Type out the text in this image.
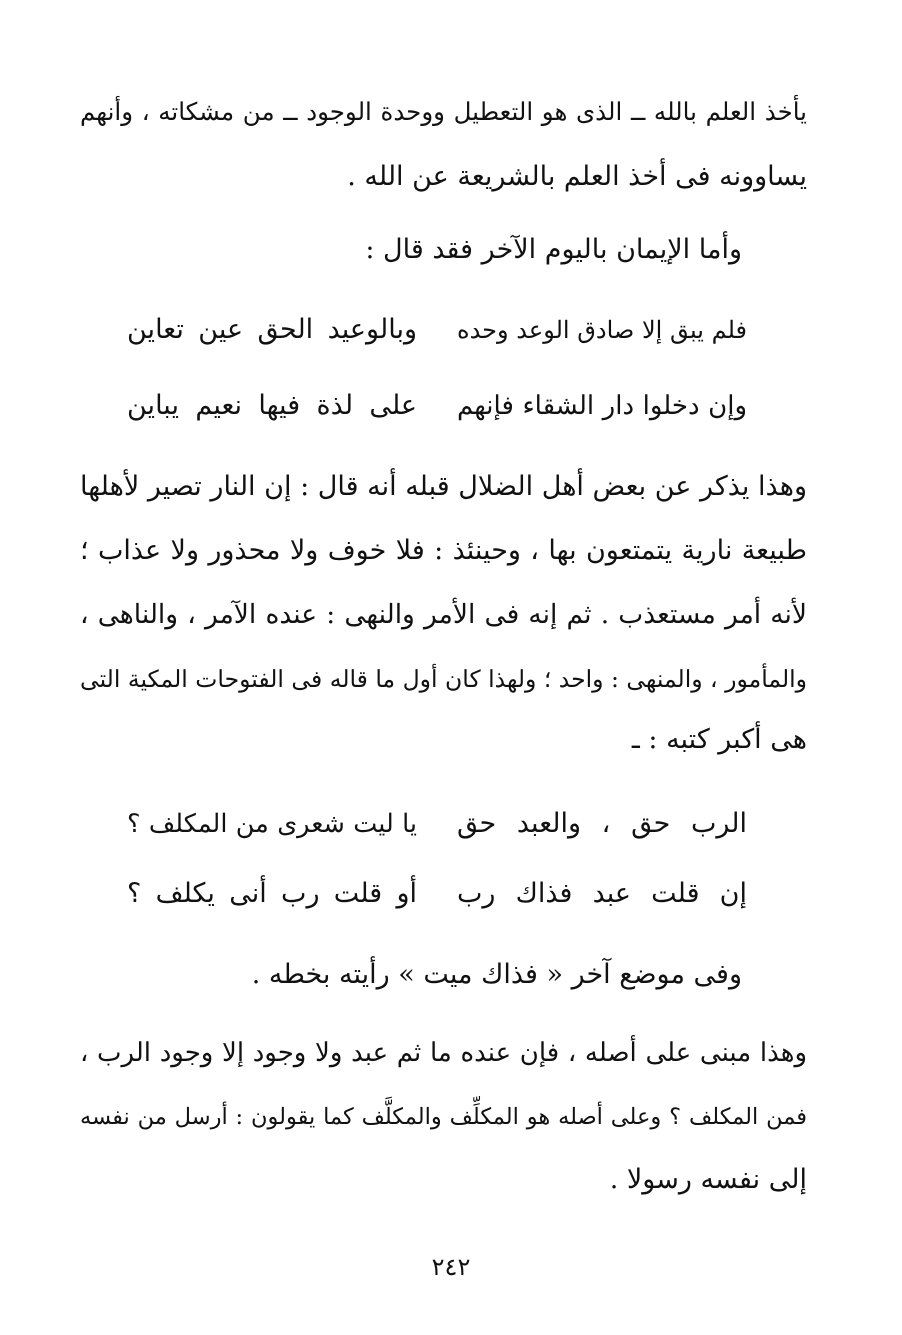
يأخذ العلم بالله ــ الذى هو التعطيل ووحدة الوجود ــ من مشكاته ، وأنهم
يساوونه فى أخذ العلم بالشريعة عن الله .
وأما الإيمان باليوم الآخر فقد قال :
فلم يبق إلا صادق الوعد وحده
وبالوعيد الحق عين تعاين
وإن دخلوا دار الشقاء فإنهم
على لذة فيها نعيم يباين
وهذا يذكر عن بعض أهل الضلال قبله أنه قال : إن النار تصير لأهلها
طبيعة نارية يتمتعون بها ، وحينئذ : فلا خوف ولا محذور ولا عذاب ؛
لأنه أمر مستعذب . ثم إنه فى الأمر والنهى : عنده الآمر ، والناهى ،
والمأمور ، والمنهى : واحد ؛ ولهذا كان أول ما قاله فى الفتوحات المكية التى
هى أكبر كتبه : ـ
الرب حق ، والعبد حق
يا ليت شعرى من المكلف ؟
إن قلت عبد فذاك رب
أو قلت رب أنى يكلف ؟
وفى موضع آخر « فذاك ميت » رأيته بخطه .
وهذا مبنى على أصله ، فإن عنده ما ثم عبد ولا وجود إلا وجود الرب ،
فمن المكلف ؟ وعلى أصله هو المكلِّف والمكلَّف كما يقولون : أرسل من نفسه
إلى نفسه رسولا .
٢٤٢
